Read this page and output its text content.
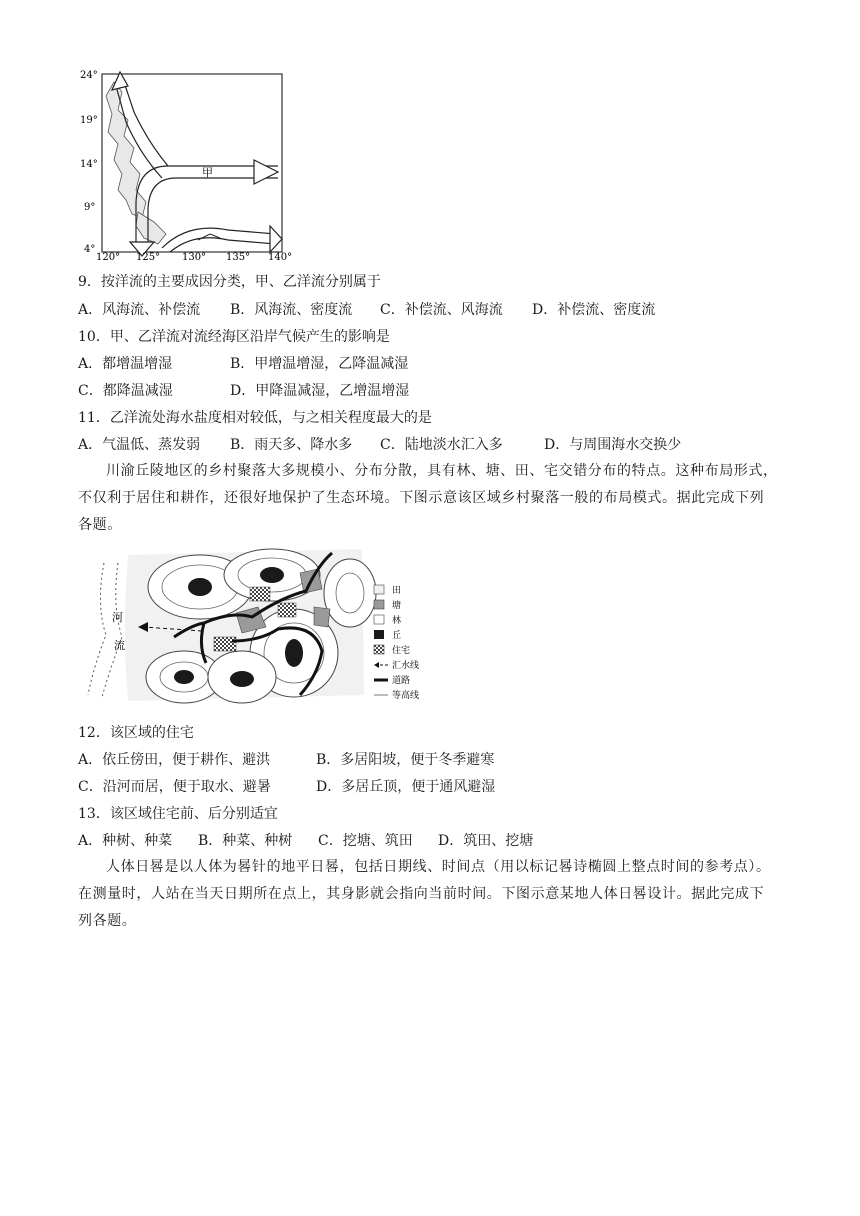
甲
24°
19°
14°
9°
4°
120° 125° 130° 135° 140°
9．按洋流的主要成因分类，甲、乙洋流分别属于
A．风海流、补偿流 B．风海流、密度流 C．补偿流、风海流 D．补偿流、密度流
10．甲、乙洋流对流经海区沿岸气候产生的影响是
A．都增温增湿	B．甲增温增湿，乙降温减湿
C．都降温减湿	D．甲降温减湿，乙增温增湿
11．乙洋流处海水盐度相对较低，与之相关程度最大的是
A．气温低、蒸发弱 B．雨天多、降水多 C．陆地淡水汇入多	D．与周围海水交换少
川渝丘陵地区的乡村聚落大多规模小、分布分散，具有林、塘、田、宅交错分布的特点。这种布局形式，不仅利于居住和耕作，还很好地保护了生态环境。下图示意该区域乡村聚落一般的布局模式。据此完成下列各题。
河
流
田
塘
林
丘
住宅
汇水线
道路
等高线
12．该区域的住宅
A．依丘傍田，便于耕作、避洪	B．多居阳坡，便于冬季避寒
C．沿河而居，便于取水、避暑	D．多居丘顶，便于通风避湿
13．该区域住宅前、后分别适宜
A．种树、种菜 B．种菜、种树 C．挖塘、筑田 D．筑田、挖塘
人体日晷是以人体为晷针的地平日晷，包括日期线、时间点（用以标记晷诗椭圆上整点时间的参考点）。在测量时，人站在当天日期所在点上，其身影就会指向当前时间。下图示意某地人体日晷设计。据此完成下列各题。
